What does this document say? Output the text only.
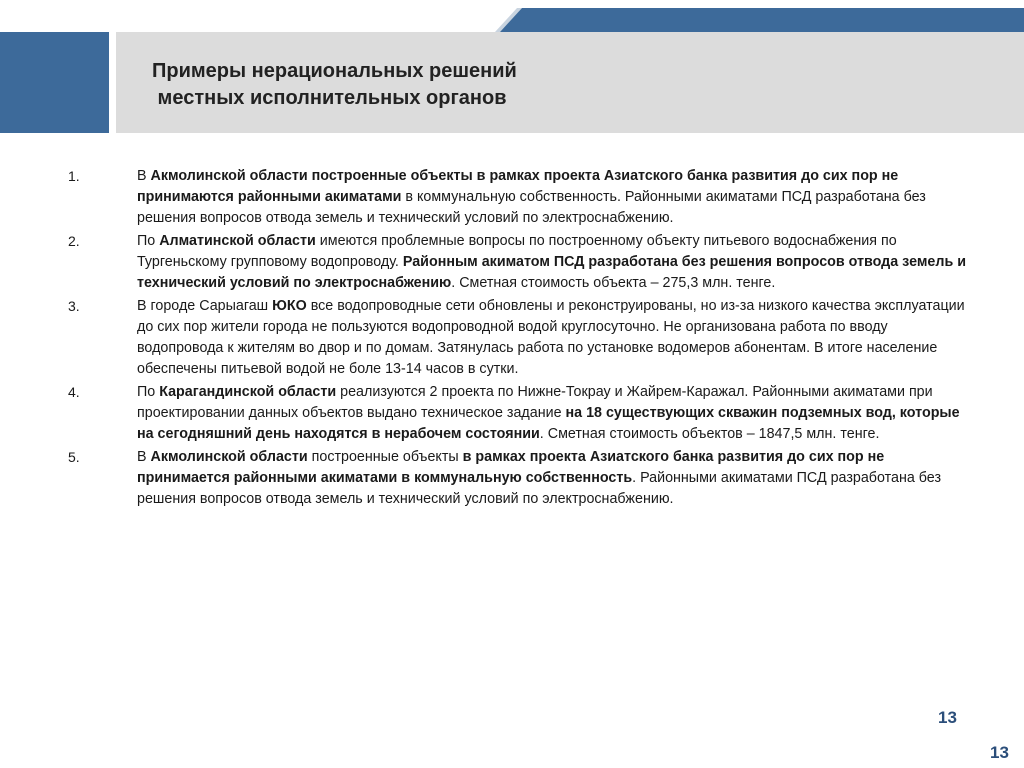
Примеры нерациональных решений
местных исполнительных органов
1.	В Акмолинской области построенные объекты в рамках проекта Азиатского банка развития до сих пор не принимаются районными акиматами в коммунальную собственность. Районными акиматами ПСД разработана без решения вопросов отвода земель и технический условий по электроснабжению.
2.	По Алматинской области имеются проблемные вопросы по построенному объекту питьевого водоснабжения по Тургеньскому групповому водопроводу. Районным акиматом ПСД разработана без решения вопросов отвода земель и технический условий по электроснабжению. Сметная стоимость объекта – 275,3 млн. тенге.
3.	В городе Сарыагаш ЮКО все водопроводные сети обновлены и реконструированы, но из-за низкого качества эксплуатации до сих пор жители города не пользуются водопроводной водой круглосуточно. Не организована работа по вводу водопровода к жителям во двор и по домам. Затянулась работа по установке водомеров абонентам. В итоге население обеспечены питьевой водой не боле 13-14 часов в сутки.
4.	По Карагандинской области реализуются 2 проекта по Нижне-Токрау и Жайрем-Каражал. Районными акиматами при проектировании данных объектов выдано техническое задание на 18 существующих скважин подземных вод, которые на сегодняшний день находятся в нерабочем состоянии. Сметная стоимость объектов – 1847,5 млн. тенге.
5.	В Акмолинской области построенные объекты в рамках проекта Азиатского банка развития до сих пор не принимается районными акиматами в коммунальную собственность. Районными акиматами ПСД разработана без решения вопросов отвода земель и технический условий по электроснабжению.
13
13
